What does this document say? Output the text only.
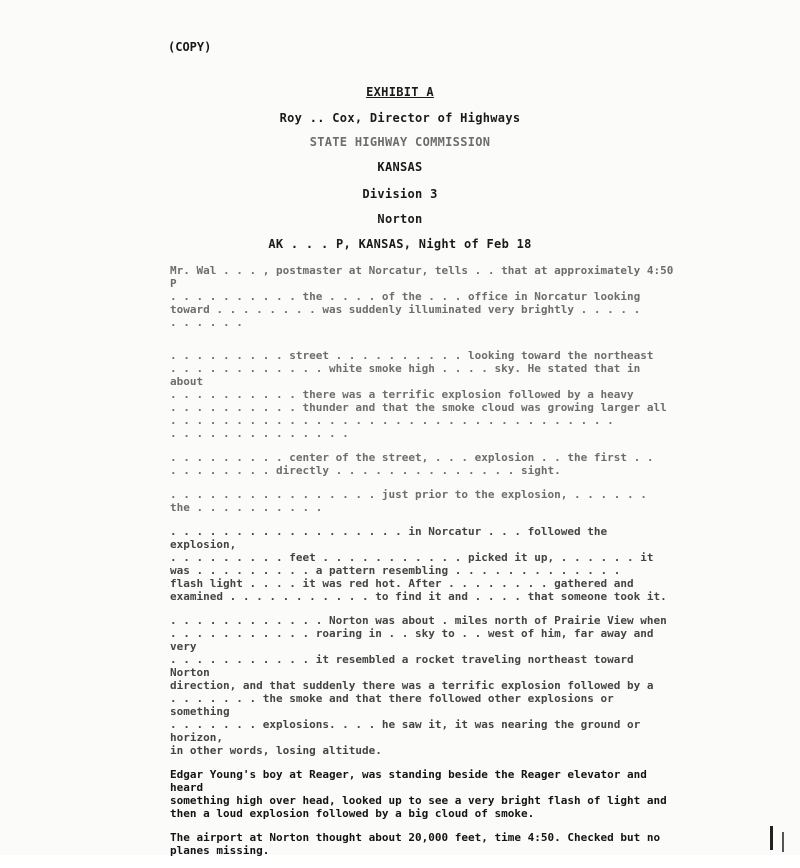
(COPY)
EXHIBIT A
Roy .. Cox, Director of Highways
STATE HIGHWAY COMMISSION
KANSAS
Division 3
Norton
AK . . . P, KANSAS, Night of Feb 18

Mr. Wal . . . , postmaster at Norcatur, tells . . that at approximately 4:50 P
. . . . . . . . . . the . . . . of the . . . office in Norcatur looking
toward . . . . . . . . was suddenly illuminated very brightly . . . . .
. . . . . .

. . . . . . . . . street . . . . . . . . . . looking toward the northeast
. . . . . . . . . . . . white smoke high . . . . sky. He stated that in about
. . . . . . . . . . there was a terrific explosion followed by a heavy
. . . . . . . . . . thunder and that the smoke cloud was growing larger all
. . . . . . . . . . . . . . . . . . . . . . . . . . . . . . . . . .
. . . . . . . . . . . . . .

. . . . . . . . . center of the street, . . . explosion . . the first . .
. . . . . . . . directly . . . . . . . . . . . . . . sight.

. . . . . . . . . . . . . . . . just prior to the explosion, . . . . . .
the . . . . . . . . . .

. . . . . . . . . . . . . . . . . . in Norcatur . . . followed the explosion,
. . . . . . . . . feet . . . . . . . . . . . picked it up, . . . . . . it
was . . . . . . . . . a pattern resembling . . . . . . . . . . . . .
flash light . . . . it was red hot. After . . . . . . . . gathered and
examined . . . . . . . . . . . to find it and . . . . that someone took it.

. . . . . . . . . . . . Norton was about . miles north of Prairie View when
. . . . . . . . . . . roaring in . . sky to . . west of him, far away and very
. . . . . . . . . . . it resembled a rocket traveling northeast toward Norton
direction, and that suddenly there was a terrific explosion followed by a
. . . . . . . the smoke and that there followed other explosions or something
. . . . . . . explosions. . . . he saw it, it was nearing the ground or horizon,
in other words, losing altitude.

Edgar Young's boy at Reager, was standing beside the Reager elevator and heard
something high over head, looked up to see a very bright flash of light and
then a loud explosion followed by a big cloud of smoke.

The airport at Norton thought about 20,000 feet, time 4:50. Checked but no
planes missing.
